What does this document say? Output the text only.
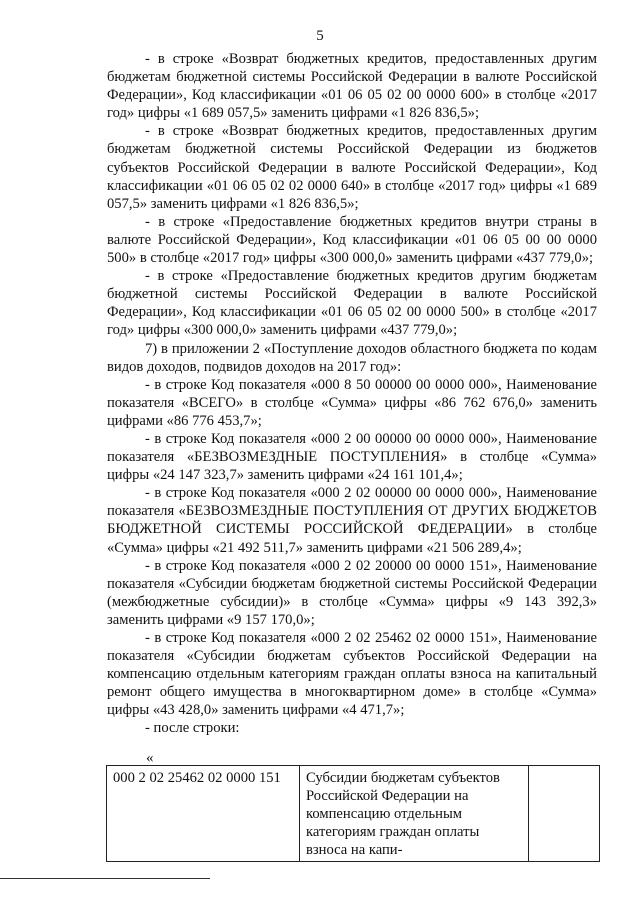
5

- в строке «Возврат бюджетных кредитов, предоставленных другим бюджетам бюджетной системы Российской Федерации в валюте Российской Федерации», Код классификации «01 06 05 02 00 0000 600» в столбце «2017 год» цифры «1 689 057,5» заменить цифрами «1 826 836,5»;

- в строке «Возврат бюджетных кредитов, предоставленных другим бюджетам бюджетной системы Российской Федерации из бюджетов субъектов Российской Федерации в валюте Российской Федерации», Код классификации «01 06 05 02 02 0000 640» в столбце «2017 год» цифры «1 689 057,5» заменить цифрами «1 826 836,5»;

- в строке «Предоставление бюджетных кредитов внутри страны в валюте Российской Федерации», Код классификации «01 06 05 00 00 0000 500» в столбце «2017 год» цифры «300 000,0» заменить цифрами «437 779,0»;

- в строке «Предоставление бюджетных кредитов другим бюджетам бюджетной системы Российской Федерации в валюте Российской Федерации», Код классификации «01 06 05 02 00 0000 500» в столбце «2017 год» цифры «300 000,0» заменить цифрами «437 779,0»;

7) в приложении 2 «Поступление доходов областного бюджета по кодам видов доходов, подвидов доходов на 2017 год»:

- в строке Код показателя «000 8 50 00000 00 0000 000», Наименование показателя «ВСЕГО» в столбце «Сумма» цифры «86 762 676,0» заменить цифрами «86 776 453,7»;

- в строке Код показателя «000 2 00 00000 00 0000 000», Наименование показателя «БЕЗВОЗМЕЗДНЫЕ ПОСТУПЛЕНИЯ» в столбце «Сумма» цифры «24 147 323,7» заменить цифрами «24 161 101,4»;

- в строке Код показателя «000 2 02 00000 00 0000 000», Наименование показателя «БЕЗВОЗМЕЗДНЫЕ ПОСТУПЛЕНИЯ ОТ ДРУГИХ БЮДЖЕТОВ БЮДЖЕТНОЙ СИСТЕМЫ РОССИЙСКОЙ ФЕДЕРАЦИИ» в столбце «Сумма» цифры «21 492 511,7» заменить цифрами «21 506 289,4»;

- в строке Код показателя «000 2 02 20000 00 0000 151», Наименование показателя «Субсидии бюджетам бюджетной системы Российской Федерации (межбюджетные субсидии)» в столбце «Сумма» цифры «9 143 392,3» заменить цифрами «9 157 170,0»;

- в строке Код показателя «000 2 02 25462 02 0000 151», Наименование показателя «Субсидии бюджетам субъектов Российской Федерации на компенсацию отдельным категориям граждан оплаты взноса на капитальный ремонт общего имущества в многоквартирном доме» в столбце «Сумма» цифры «43 428,0» заменить цифрами «4 471,7»;

- после строки:

«
000 2 02 25462 02 0000 151	Субсидии бюджетам субъектов Российской Федерации на компенсацию отдельным категориям граждан оплаты взноса на капи-	
